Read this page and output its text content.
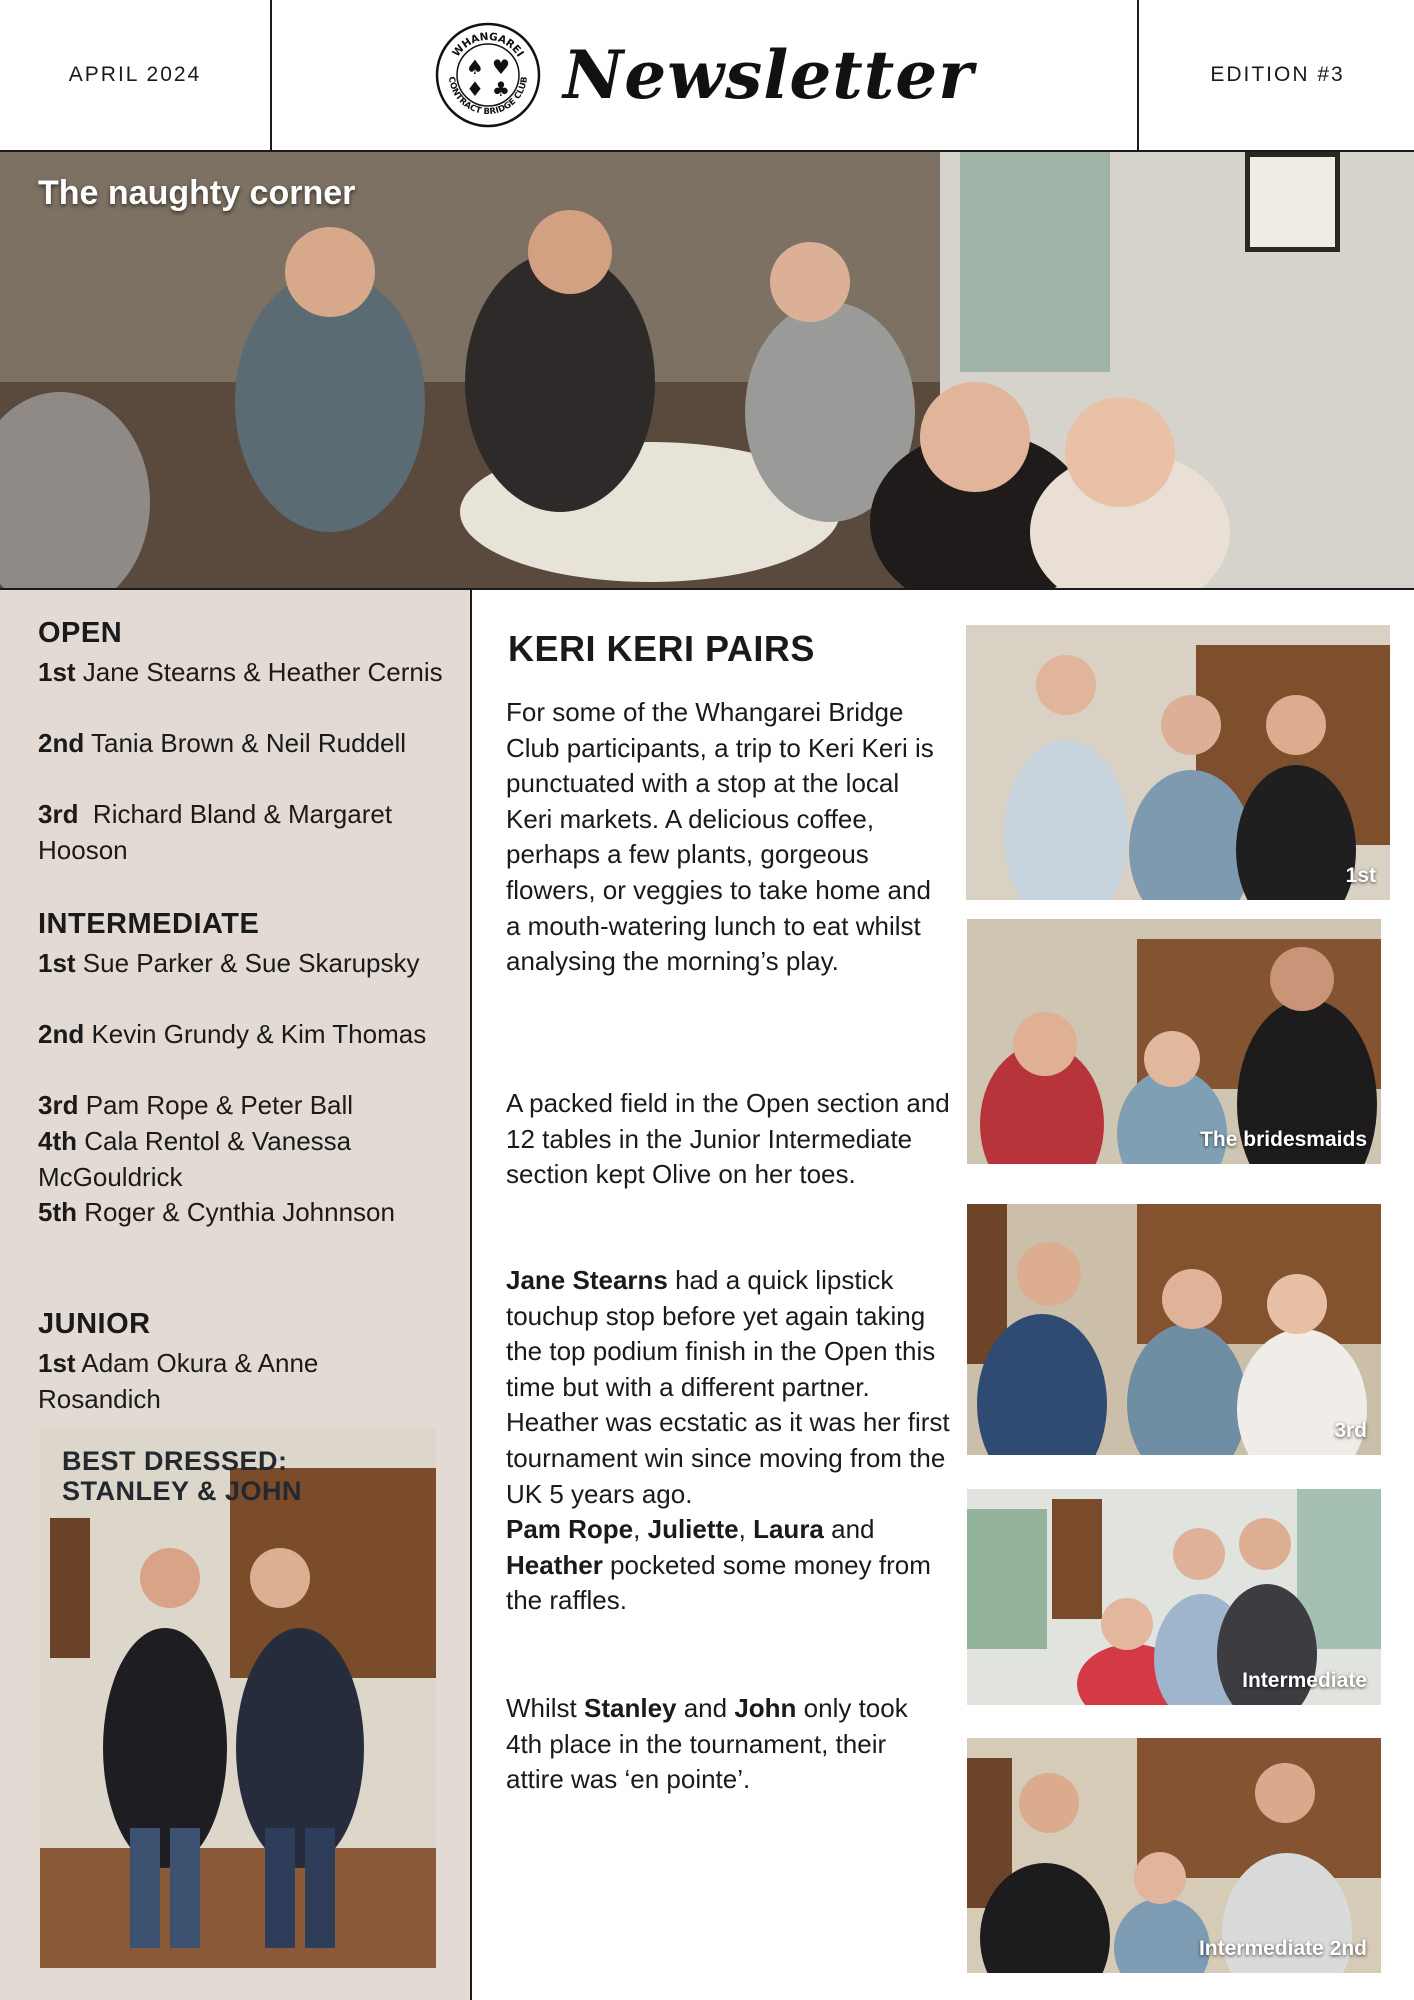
APRIL 2024
WHANGAREI
CONTRACT BRIDGE CLUB
♠ ♥
♦ ♣ Newsletter	EDITION #3
The naughty corner
OPEN
1st Jane Stearns & Heather Cernis
2nd Tania Brown & Neil Ruddell
3rd  Richard Bland & Margaret Hooson
INTERMEDIATE
1st Sue Parker & Sue Skarupsky
2nd Kevin Grundy & Kim Thomas
3rd Pam Rope & Peter Ball
4th Cala Rentol & Vanessa McGouldrick
5th Roger & Cynthia Johnnson
JUNIOR
1st Adam Okura & Anne Rosandich
BEST DRESSED:
STANLEY & JOHN
KERI KERI PAIRS
For some of the Whangarei Bridge Club participants, a trip to Keri Keri is punctuated with a stop at the local Keri markets. A delicious coffee, perhaps a few plants, gorgeous flowers, or veggies to take home and a mouth-watering lunch to eat whilst analysing the morning’s play.
A packed field in the Open section and 12 tables in the Junior Intermediate section kept Olive on her toes.
Jane Stearns had a quick lipstick touchup stop before yet again taking the top podium finish in the Open this time but with a different partner. Heather was ecstatic as it was her first tournament win since moving from the UK 5 years ago.
Pam Rope, Juliette, Laura and Heather pocketed some money from the raffles.
Whilst Stanley and John only took 4th place in the tournament, their attire was ‘en pointe’.
1st
The bridesmaids
3rd
Intermediate
Intermediate 2nd
